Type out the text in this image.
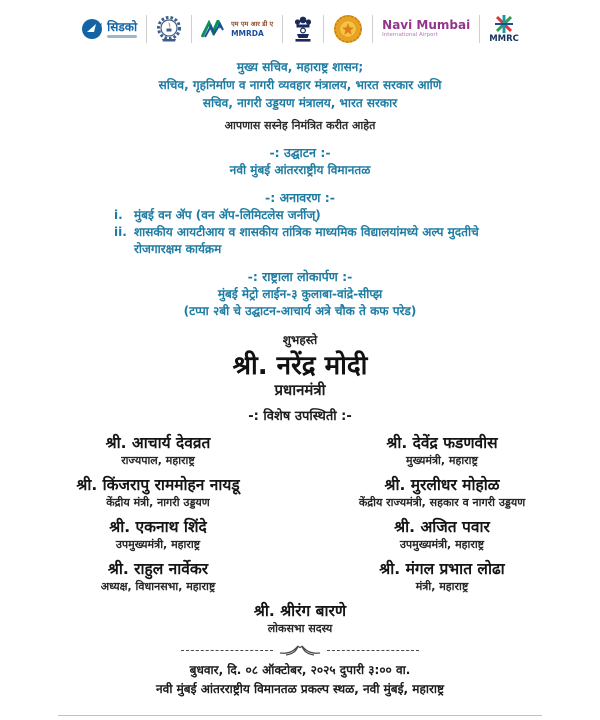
सिडको	एम एम आर डी ए
MMRDA
Navi Mumbai
International Airport	MMRC
मुख्य सचिव, महाराष्ट्र शासन;
सचिव, गृहनिर्माण व नागरी व्यवहार मंत्रालय, भारत सरकार आणि
सचिव, नागरी उड्डयण मंत्रालय, भारत सरकार
आपणास सस्नेह निमंत्रित करीत आहेत
-: उद्घाटन :-
नवी मुंबई आंतरराष्ट्रीय विमानतळ
-: अनावरण :-
i. मुंबई वन ॲप (वन ॲप-लिमिटलेस जर्नीज्)
ii. शासकीय आयटीआय व शासकीय तांत्रिक माध्यमिक विद्यालयांमध्ये अल्प मुदतीचे रोजगारक्षम कार्यक्रम
-: राष्ट्राला लोकार्पण :-
मुंबई मेट्रो लाईन-३ कुलाबा-वांद्रे-सीप्झ
(टप्पा २बी चे उद्घाटन-आचार्य अत्रे चौक ते कफ परेड)
शुभहस्ते
श्री. नरेंद्र मोदी
प्रधानमंत्री
-: विशेष उपस्थिती :-
श्री. आचार्य देवव्रत
राज्यपाल, महाराष्ट्र
श्री. देवेंद्र फडणवीस
मुख्यमंत्री, महाराष्ट्र
श्री. किंजरापु राममोहन नायडू
केंद्रीय मंत्री, नागरी उड्डयण
श्री. मुरलीधर मोहोळ
केंद्रीय राज्यमंत्री, सहकार व नागरी उड्डयण
श्री. एकनाथ शिंदे
उपमुख्यमंत्री, महाराष्ट्र
श्री. अजित पवार
उपमुख्यमंत्री, महाराष्ट्र
श्री. राहुल नार्वेकर
अध्यक्ष, विधानसभा, महाराष्ट्र
श्री. मंगल प्रभात लोढा
मंत्री, महाराष्ट्र
श्री. श्रीरंग बारणे
लोकसभा सदस्य
बुधवार, दि. ०८ ऑक्टोबर, २०२५ दुपारी ३:०० वा.
नवी मुंबई आंतरराष्ट्रीय विमानतळ प्रकल्प स्थळ, नवी मुंबई, महाराष्ट्र
